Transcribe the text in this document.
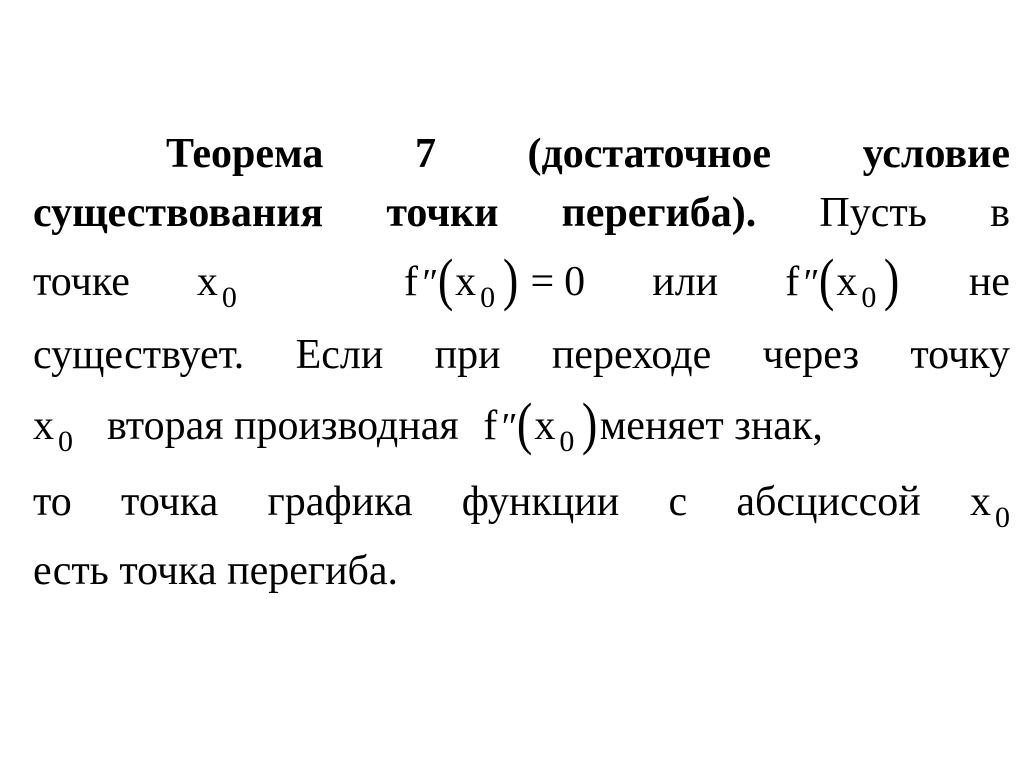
Теорема 7 (достаточное условие
существования точки перегиба). Пусть в
точке x $_0$	f″(x $_0$ ) = 0 или f″(x $_0$ ) не
существует. Если при переходе через точку
x $_0$ вторая производная f″(x $_0$ )меняет знак,
то точка графика функции с абсциссой x $_0$
есть точка перегиба.
